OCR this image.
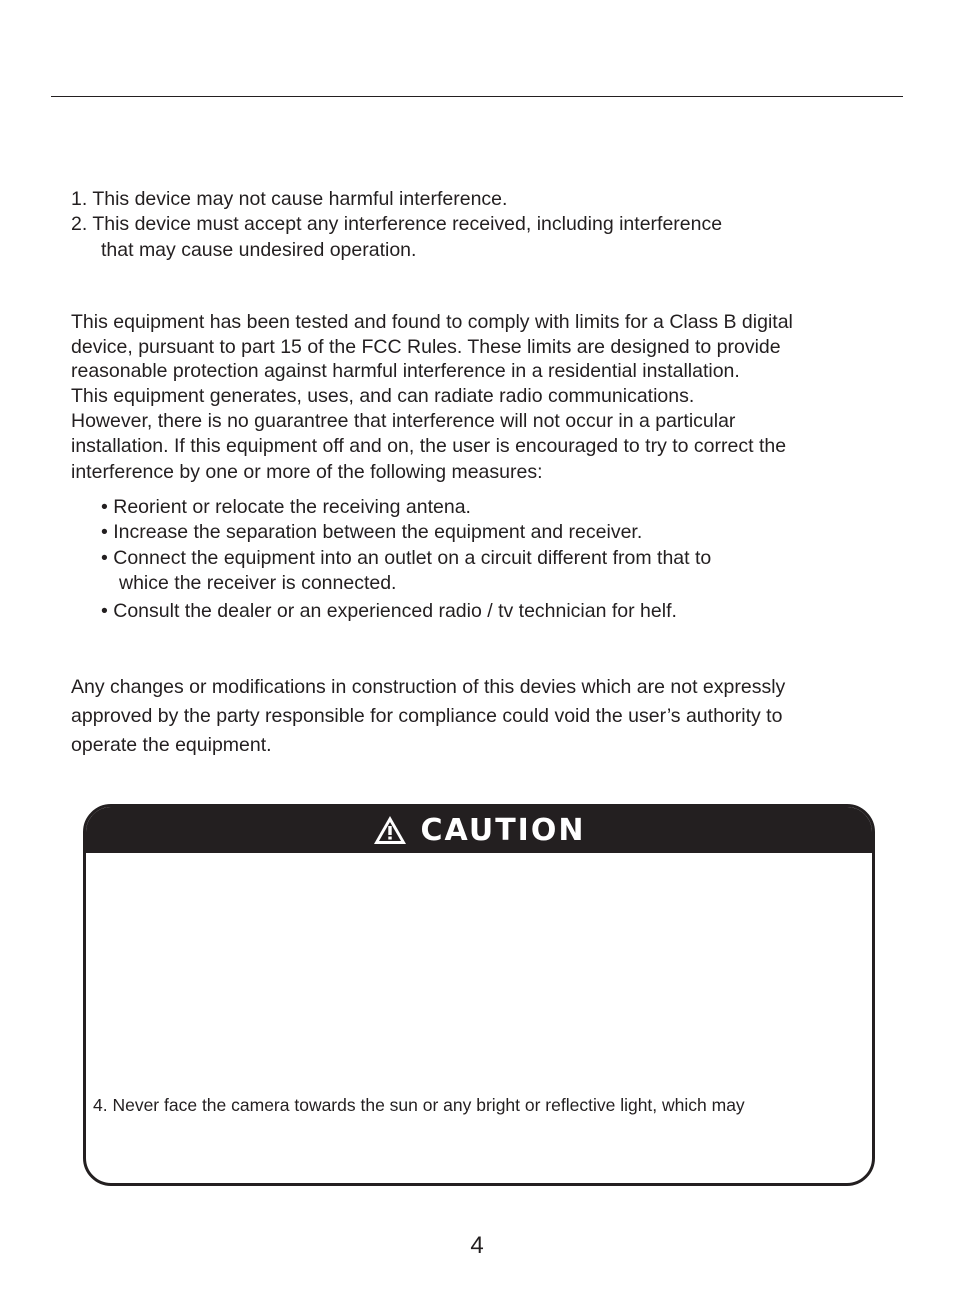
1. This device may not cause harmful interference.
2. This device must accept any interference received, including interference
that may cause undesired operation.
This equipment has been tested and found to comply with limits for a Class B digital
device, pursuant to part 15 of the FCC Rules. These limits are designed to provide
reasonable protection against harmful interference in a residential installation.
This equipment generates, uses, and can radiate radio communications.
However, there is no guarantree that interference will not occur in a particular
installation. If this equipment off and on, the user is encouraged to try to correct the
interference by one or more of the following measures:
• Reorient or relocate the receiving antena.
• Increase the separation between the equipment and receiver.
• Connect the equipment into an outlet on a circuit different from that to
whice the receiver is connected.
• Consult the dealer or an experienced radio / tv technician for helf.
Any changes or modifications in construction of this devies which are not expressly
approved by the party responsible for compliance could void the user’s authority to
operate the equipment.
CAUTION
4. Never face the camera towards the sun or any bright or reflective light, which may
4
